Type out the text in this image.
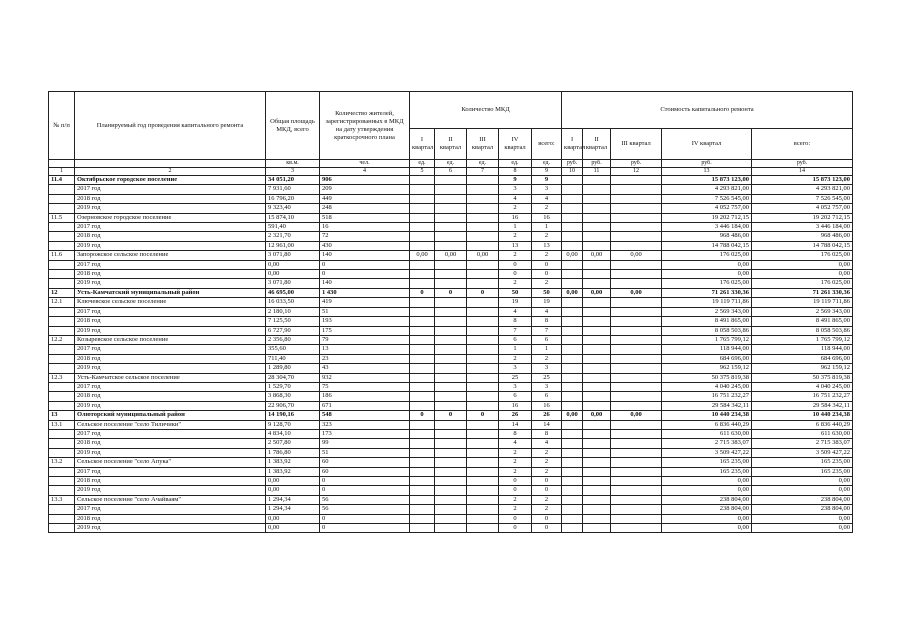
№ п/п	Планируемый год проведения капитального ремонта	Общая площадь МКД, всего	Количество жителей, зарегистрированных в МКД на дату утверждения краткосрочного плана	Количество МКД					Стоимость капитального ремонта				
				I квартал	II квартал	III квартал	IV квартал	всего:	I квартал	II квартал	III квартал	IV квартал	всего:
		кв.м.	чел.	ед.	ед.	ед.	ед.	ед.	руб.	руб.	руб.	руб.	руб.
1	2	3	4	5	6	7	8	9	10	11	12	13	14
11.4	Октябрьское городское поселение	34 051,20	906				9	9				15 873 123,00	15 873 123,00
	2017 год	7 931,60	209				3	3				4 293 821,00	4 293 821,00
	2018 год	16 796,20	449				4	4				7 526 545,00	7 526 545,00
	2019 год	9 323,40	248				2	2				4 052 757,00	4 052 757,00
11.5	Озерновское городское поселение	15 874,10	518				16	16				19 202 712,15	19 202 712,15
	2017 год	591,40	16				1	1				3 446 184,00	3 446 184,00
	2018 год	2 321,70	72				2	2				968 486,00	968 486,00
	2019 год	12 961,00	430				13	13				14 788 042,15	14 788 042,15
11.6	Запорожское сельское поселение	3 071,80	140	0,00	0,00	0,00	2	2	0,00	0,00	0,00	176 025,00	176 025,00
	2017 год	0,00	0				0	0				0,00	0,00
	2018 год	0,00	0				0	0				0,00	0,00
	2019 год	3 071,80	140				2	2				176 025,00	176 025,00
12	Усть-Камчатский муниципальный район	46 695,00	1 430	0	0	0	50	50	0,00	0,00	0,00	71 261 330,36	71 261 330,36
12.1	Ключевское сельское поселение	16 033,50	419				19	19				19 119 711,86	19 119 711,86
	2017 год	2 180,10	51				4	4				2 569 343,00	2 569 343,00
	2018 год	7 125,50	193				8	8				8 491 865,00	8 491 865,00
	2019 год	6 727,90	175				7	7				8 058 503,86	8 058 503,86
12.2	Козыревское сельское поселение	2 356,80	79				6	6				1 765 799,12	1 765 799,12
	2017 год	355,60	13				1	1				118 944,00	118 944,00
	2018 год	711,40	23				2	2				684 696,00	684 696,00
	2019 год	1 289,80	43				3	3				962 159,12	962 159,12
12.3	Усть-Камчатское сельское поселение	28 304,70	932				25	25				50 375 819,38	50 375 819,38
	2017 год	1 529,70	75				3	3				4 040 245,00	4 040 245,00
	2018 год	3 868,30	186				6	6				16 751 232,27	16 751 232,27
	2019 год	22 906,70	671				16	16				29 584 342,11	29 584 342,11
13	Олюторский муниципальный район	14 190,16	548	0	0	0	26	26	0,00	0,00	0,00	10 440 234,38	10 440 234,38
13.1	Сельское поселение "село Тиличики"	9 128,70	323				14	14				6 836 440,29	6 836 440,29
	2017 год	4 834,10	173				8	8				611 630,00	611 630,00
	2018 год	2 507,80	99				4	4				2 715 383,07	2 715 383,07
	2019 год	1 786,80	51				2	2				3 509 427,22	3 509 427,22
13.2	Сельское поселение "село Апука"	1 383,92	60				2	2				165 235,00	165 235,00
	2017 год	1 383,92	60				2	2				165 235,00	165 235,00
	2018 год	0,00	0				0	0				0,00	0,00
	2019 год	0,00	0				0	0				0,00	0,00
13.3	Сельское поселение "село Ачайваям"	1 294,34	56				2	2				238 804,00	238 804,00
	2017 год	1 294,34	56				2	2				238 804,00	238 804,00
	2018 год	0,00	0				0	0				0,00	0,00
	2019 год	0,00	0				0	0				0,00	0,00
